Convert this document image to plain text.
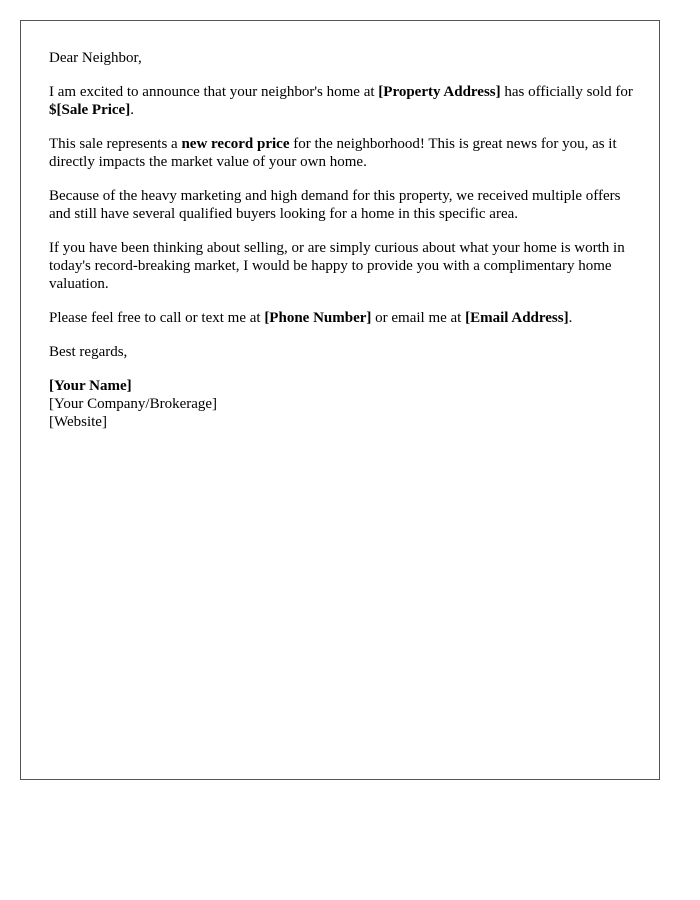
Dear Neighbor,

I am excited to announce that your neighbor's home at [Property Address] has officially sold for $[Sale Price].

This sale represents a new record price for the neighborhood! This is great news for you, as it directly impacts the market value of your own home.

Because of the heavy marketing and high demand for this property, we received multiple offers and still have several qualified buyers looking for a home in this specific area.

If you have been thinking about selling, or are simply curious about what your home is worth in today's record-breaking market, I would be happy to provide you with a complimentary home valuation.

Please feel free to call or text me at [Phone Number] or email me at [Email Address].

Best regards,

[Your Name]
[Your Company/Brokerage]
[Website]
